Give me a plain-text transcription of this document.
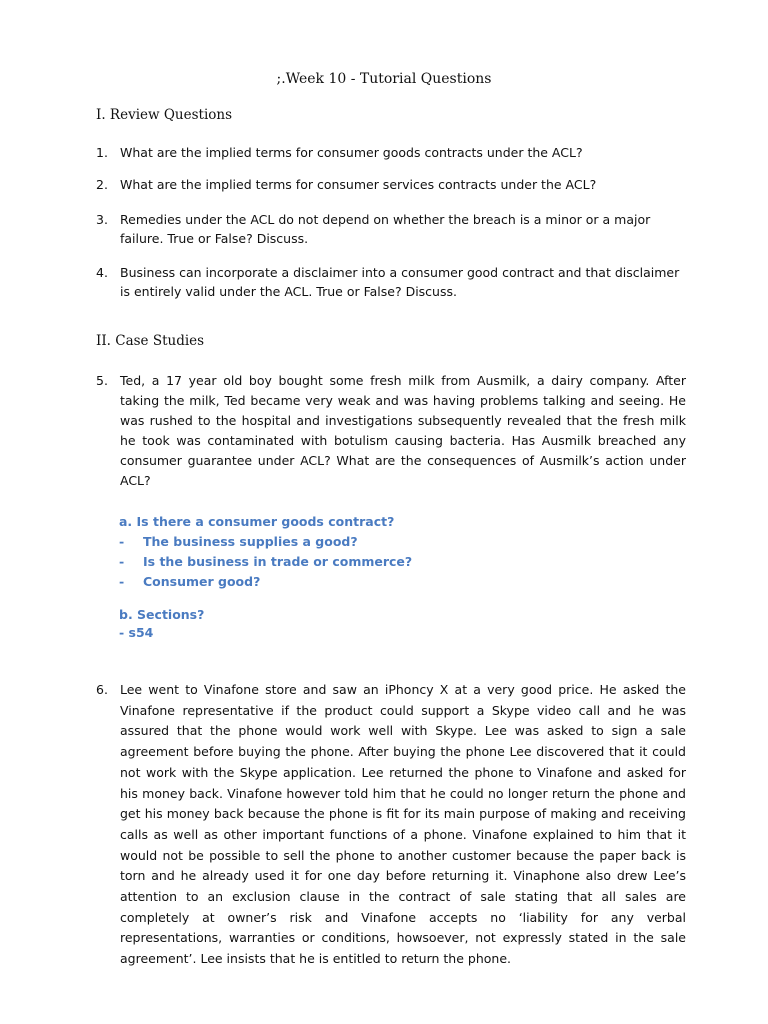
;.Week 10 - Tutorial Questions
I. Review Questions
1. What are the implied terms for consumer goods contracts under the ACL?
2. What are the implied terms for consumer services contracts under the ACL?
3. Remedies under the ACL do not depend on whether the breach is a minor or a major failure. True or False? Discuss.
4. Business can incorporate a disclaimer into a consumer good contract and that disclaimer is entirely valid under the ACL. True or False? Discuss.
II. Case Studies
5. Ted, a 17 year old boy bought some fresh milk from Ausmilk, a dairy company. After taking the milk, Ted became very weak and was having problems talking and seeing. He was rushed to the hospital and investigations subsequently revealed that the fresh milk he took was contaminated with botulism causing bacteria. Has Ausmilk breached any consumer guarantee under ACL? What are the consequences of Ausmilk’s action under ACL?
a. Is there a consumer goods contract?
-	The business supplies a good?
-	Is the business in trade or commerce?
-	Consumer good?
b. Sections?
- s54
6. Lee went to Vinafone store and saw an iPhoncy X at a very good price. He asked the Vinafone representative if the product could support a Skype video call and he was assured that the phone would work well with Skype. Lee was asked to sign a sale agreement before buying the phone. After buying the phone Lee discovered that it could not work with the Skype application. Lee returned the phone to Vinafone and asked for his money back. Vinafone however told him that he could no longer return the phone and get his money back because the phone is fit for its main purpose of making and receiving calls as well as other important functions of a phone. Vinafone explained to him that it would not be possible to sell the phone to another customer because the paper back is torn and he already used it for one day before returning it. Vinaphone also drew Lee’s attention to an exclusion clause in the contract of sale stating that all sales are completely at owner’s risk and Vinafone accepts no ‘liability for any verbal representations, warranties or conditions, howsoever, not expressly stated in the sale agreement’. Lee insists that he is entitled to return the phone.
